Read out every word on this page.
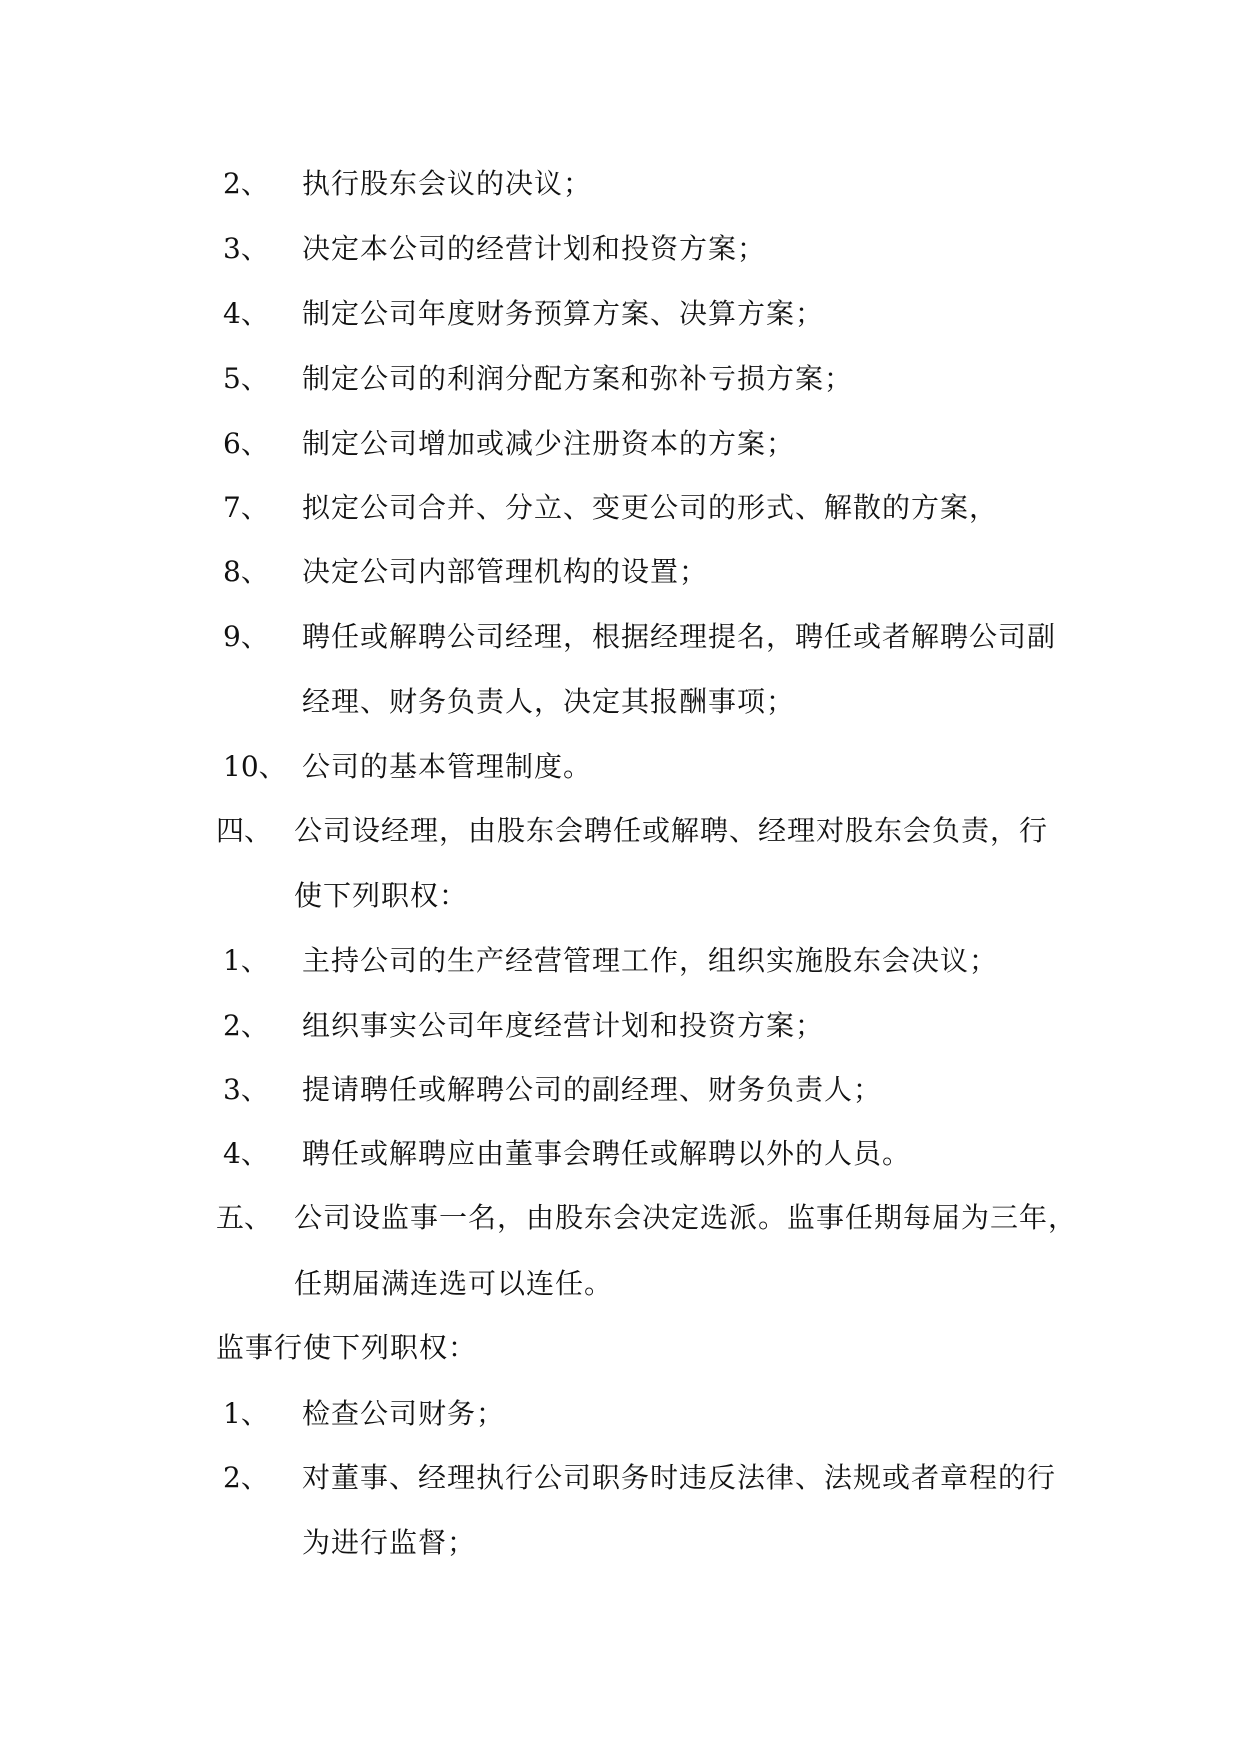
2、 执行股东会议的决议；
3、 决定本公司的经营计划和投资方案；
4、 制定公司年度财务预算方案、决算方案；
5、 制定公司的利润分配方案和弥补亏损方案；
6、 制定公司增加或减少注册资本的方案；
7、 拟定公司合并、分立、变更公司的形式、解散的方案，
8、 决定公司内部管理机构的设置；
9、 聘任或解聘公司经理，根据经理提名，聘任或者解聘公司副
经理、财务负责人，决定其报酬事项；
10、 公司的基本管理制度。
四、 公司设经理，由股东会聘任或解聘、经理对股东会负责，行
使下列职权：
1、 主持公司的生产经营管理工作，组织实施股东会决议；
2、 组织事实公司年度经营计划和投资方案；
3、 提请聘任或解聘公司的副经理、财务负责人；
4、 聘任或解聘应由董事会聘任或解聘以外的人员。
五、 公司设监事一名，由股东会决定选派。监事任期每届为三年，
任期届满连选可以连任。
监事行使下列职权：
1、 检查公司财务；
2、 对董事、经理执行公司职务时违反法律、法规或者章程的行
为进行监督；
